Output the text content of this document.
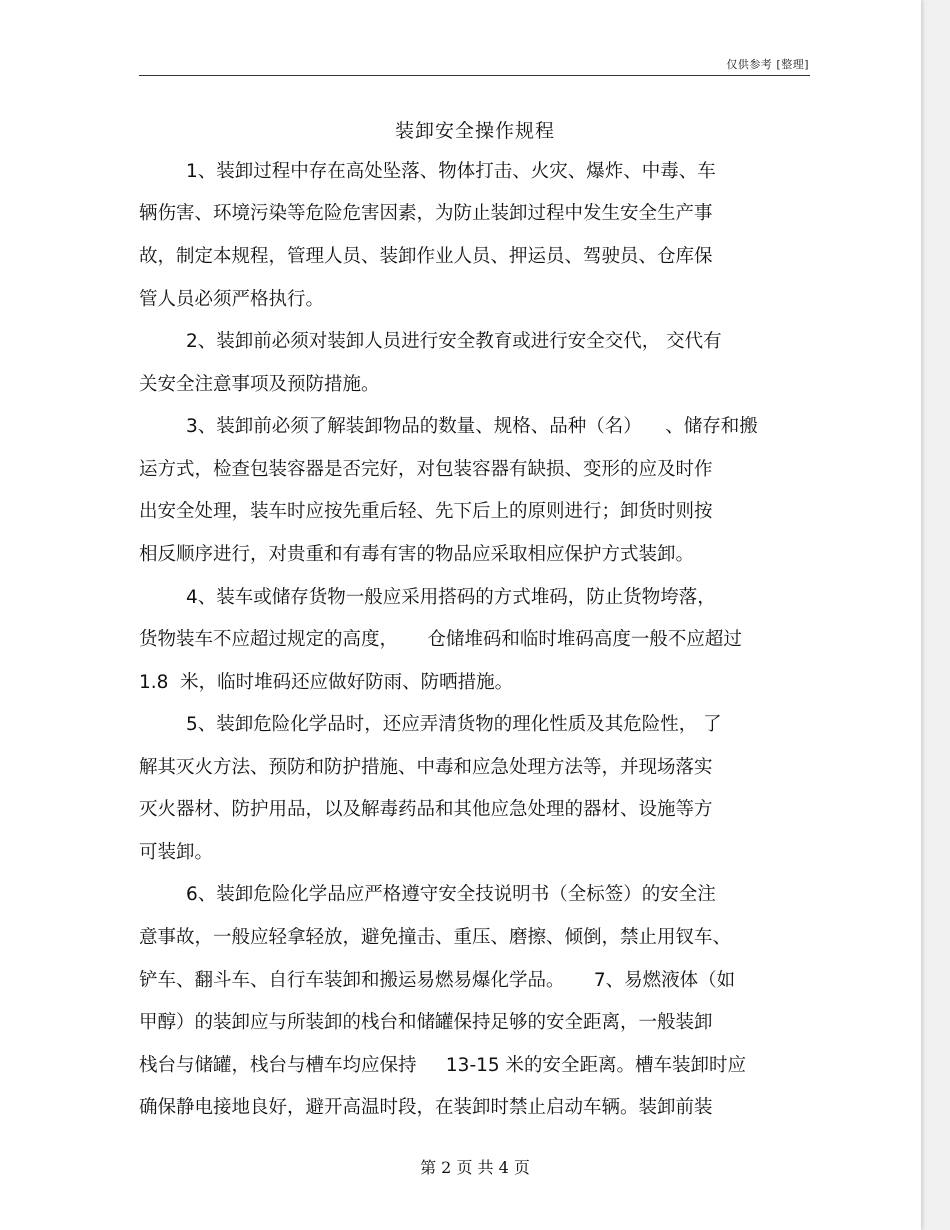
仅供参考 [整理]
装卸安全操作规程
1、装卸过程中存在高处坠落、物体打击、火灾、爆炸、中毒、车
辆伤害、环境污染等危险危害因素，为防止装卸过程中发生安全生产事
故，制定本规程，管理人员、装卸作业人员、押运员、驾驶员、仓库保
管人员必须严格执行。
2、装卸前必须对装卸人员进行安全教育或进行安全交代， 交代有
关安全注意事项及预防措施。
3、装卸前必须了解装卸物品的数量、规格、品种（名）    、储存和搬
运方式，检查包装容器是否完好，对包装容器有缺损、变形的应及时作
出安全处理，装车时应按先重后轻、先下后上的原则进行；卸货时则按
相反顺序进行，对贵重和有毒有害的物品应采取相应保护方式装卸。
4、装车或储存货物一般应采用搭码的方式堆码，防止货物垮落，
货物装车不应超过规定的高度，     仓储堆码和临时堆码高度一般不应超过
1.8  米，临时堆码还应做好防雨、防晒措施。
5、装卸危险化学品时，还应弄清货物的理化性质及其危险性， 了
解其灭火方法、预防和防护措施、中毒和应急处理方法等，并现场落实
灭火器材、防护用品，以及解毒药品和其他应急处理的器材、设施等方
可装卸。
6、装卸危险化学品应严格遵守安全技说明书（全标签）的安全注
意事故，一般应轻拿轻放，避免撞击、重压、磨擦、倾倒，禁止用钗车、
铲车、翻斗车、自行车装卸和搬运易燃易爆化学品。     7、易燃液体（如
甲醇）的装卸应与所装卸的栈台和储罐保持足够的安全距离，一般装卸
栈台与储罐，栈台与槽车均应保持     13-15 米的安全距离。槽车装卸时应
确保静电接地良好，避开高温时段，在装卸时禁止启动车辆。装卸前装
第 2 页 共 4 页
